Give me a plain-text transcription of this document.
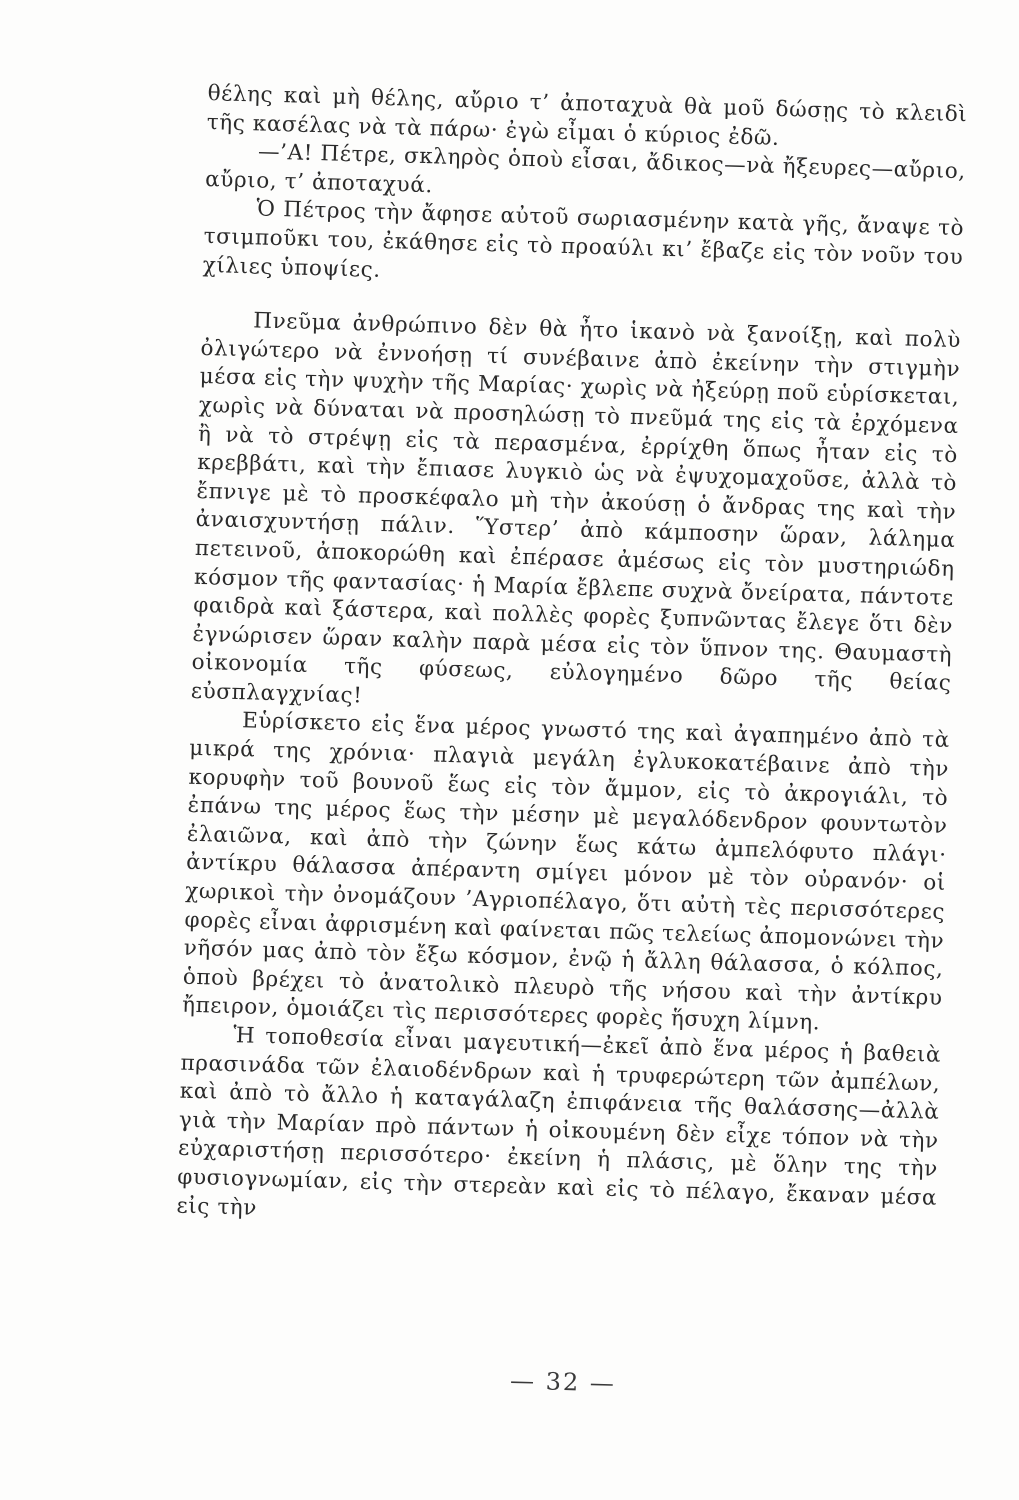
θέλης καὶ μὴ θέλης, αὔριο τ’ ἀποταχυὰ θὰ μοῦ δώσῃς τὸ κλειδὶ τῆς κασέλας νὰ τὰ πάρω· ἐγὼ εἶμαι ὁ κύριος ἐδῶ.

—’Α! Πέτρε, σκληρὸς ὁποὺ εἶσαι, ἄδικος—νὰ ἤξευρες—αὔριο, αὔριο, τ’ ἀποταχυά.

Ὁ Πέτρος τὴν ἄφησε αὐτοῦ σωριασμένην κατὰ γῆς, ἄναψε τὸ τσιμποῦκι του, ἐκάθησε εἰς τὸ προαύλι κι’ ἔβαζε εἰς τὸν νοῦν του χίλιες ὑποψίες.

Πνεῦμα ἀνθρώπινο δὲν θὰ ἦτο ἱκανὸ νὰ ξανοίξῃ, καὶ πολὺ ὀλιγώτερο νὰ ἐννοήσῃ τί συνέβαινε ἀπὸ ἐκείνην τὴν στιγμὴν μέσα εἰς τὴν ψυχὴν τῆς Μαρίας· χωρὶς νὰ ἠξεύρῃ ποῦ εὑρίσκεται, χωρὶς νὰ δύναται νὰ προσηλώσῃ τὸ πνεῦμά της εἰς τὰ ἐρχόμενα ἢ νὰ τὸ στρέψῃ εἰς τὰ περασμένα, ἐρρίχθη ὅπως ἦταν εἰς τὸ κρεββάτι, καὶ τὴν ἔπιασε λυγκιὸ ὡς νὰ ἐψυχομαχοῦσε, ἀλλὰ τὸ ἔπνιγε μὲ τὸ προσκέφαλο μὴ τὴν ἀκούσῃ ὁ ἄνδρας της καὶ τὴν ἀναισχυντήσῃ πάλιν. Ὕστερ’ ἀπὸ κάμποσην ὥραν, λάλημα πετεινοῦ, ἀποκορώθη καὶ ἐπέρασε ἀμέσως εἰς τὸν μυστηριώδη κόσμον τῆς φαντασίας· ἡ Μαρία ἔβλεπε συχνὰ ὄνείρατα, πάντοτε φαιδρὰ καὶ ξάστερα, καὶ πολλὲς φορὲς ξυπνῶντας ἔλεγε ὅτι δὲν ἐγνώρισεν ὥραν καλὴν παρὰ μέσα εἰς τὸν ὕπνον της. Θαυμαστὴ οἰκονομία τῆς φύσεως, εὐλογημένο δῶρο τῆς θείας εὐσπλαγχνίας!

Εὑρίσκετο εἰς ἕνα μέρος γνωστό της καὶ ἀγαπημένο ἀπὸ τὰ μικρά της χρόνια· πλαγιὰ μεγάλη ἐγλυκοκατέβαινε ἀπὸ τὴν κορυφὴν τοῦ βουνοῦ ἕως εἰς τὸν ἄμμον, εἰς τὸ ἀκρογιάλι, τὸ ἐπάνω της μέρος ἕως τὴν μέσην μὲ μεγαλόδενδρον φουντωτὸν ἐλαιῶνα, καὶ ἀπὸ τὴν ζώνην ἕως κάτω ἀμπελόφυτο πλάγι· ἀντίκρυ θάλασσα ἀπέραντη σμίγει μόνον μὲ τὸν οὐρανόν· οἱ χωρικοὶ τὴν ὀνομάζουν ’Αγριοπέλαγο, ὅτι αὐτὴ τὲς περισσότερες φορὲς εἶναι ἀφρισμένη καὶ φαίνεται πῶς τελείως ἀπομονώνει τὴν νῆσόν μας ἀπὸ τὸν ἔξω κόσμον, ἐνῷ ἡ ἄλλη θάλασσα, ὁ κόλπος, ὁποὺ βρέχει τὸ ἀνατολικὸ πλευρὸ τῆς νήσου καὶ τὴν ἀντίκρυ ἤπειρον, ὁμοιάζει τὶς περισσότερες φορὲς ἥσυχη λίμνη.

Ἡ τοποθεσία εἶναι μαγευτική—ἐκεῖ ἀπὸ ἕνα μέρος ἡ βαθειὰ πρασινάδα τῶν ἐλαιοδένδρων καὶ ἡ τρυφερώτερη τῶν ἀμπέλων, καὶ ἀπὸ τὸ ἄλλο ἡ καταγάλαζη ἐπιφάνεια τῆς θαλάσσης—ἀλλὰ γιὰ τὴν Μαρίαν πρὸ πάντων ἡ οἰκουμένη δὲν εἶχε τόπον νὰ τὴν εὐχαριστήσῃ περισσότερο· ἐκείνη ἡ πλάσις, μὲ ὅλην της τὴν φυσιογνωμίαν, εἰς τὴν στερεὰν καὶ εἰς τὸ πέλαγο, ἔκαναν μέσα εἰς τὴν

— 32 —
